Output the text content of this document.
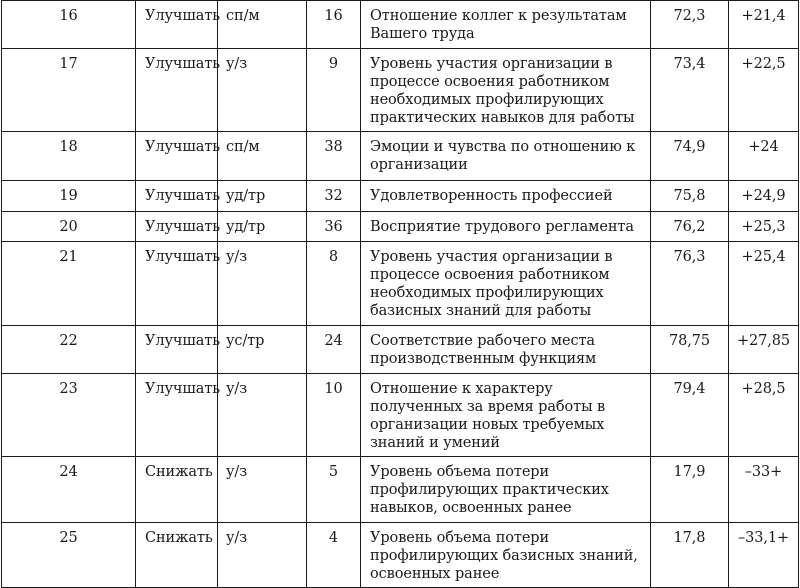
16	Улучшать	сп/м	16	Отношение коллег к результатам Вашего труда	72,3	+21,4
17	Улучшать	у/з	9	Уровень участия организации в процессе освоения работником необходимых профилирующих практических навыков для работы	73,4	+22,5
18	Улучшать	сп/м	38	Эмоции и чувства по отношению к организации	74,9	+24
19	Улучшать	уд/тр	32	Удовлетворенность профессией	75,8	+24,9
20	Улучшать	уд/тр	36	Восприятие трудового регламента	76,2	+25,3
21	Улучшать	у/з	8	Уровень участия организации в процессе освоения работником необходимых профилирующих базисных знаний для работы	76,3	+25,4
22	Улучшать	ус/тр	24	Соответствие рабочего места производственным функциям	78,75	+27,85
23	Улучшать	у/з	10	Отношение к характеру полученных за время работы в организации новых требуемых знаний и умений	79,4	+28,5
24	Снижать	у/з	5	Уровень объема потери профилирующих практических навыков, освоенных ранее	17,9	–33+
25	Снижать	у/з	4	Уровень объема потери профилирующих базисных знаний, освоенных ранее	17,8	–33,1+
